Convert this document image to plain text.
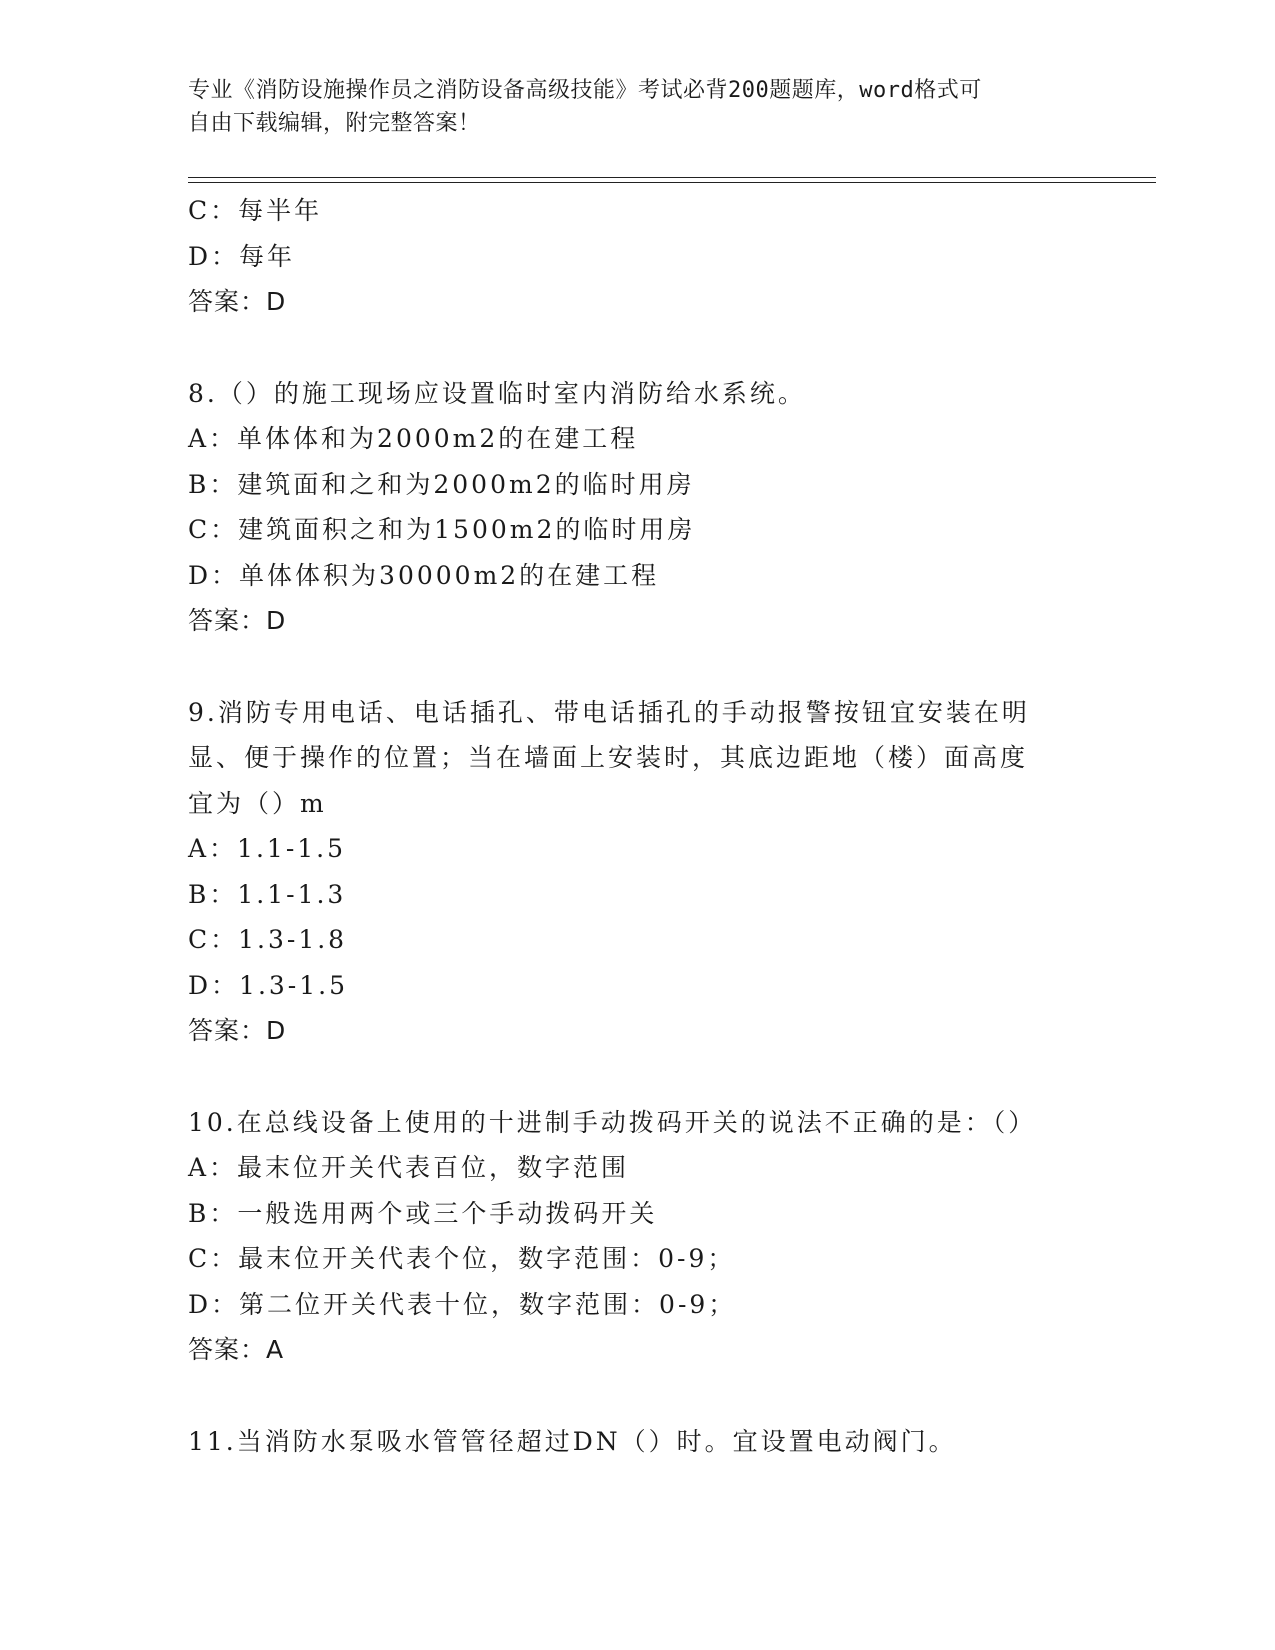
专业《消防设施操作员之消防设备高级技能》考试必背200题题库，word格式可
自由下载编辑，附完整答案！
C：每半年
D：每年
答案：D
8.（）的施工现场应设置临时室内消防给水系统。
A：单体体和为2000m2的在建工程
B：建筑面和之和为2000m2的临时用房
C：建筑面积之和为1500m2的临时用房
D：单体体积为30000m2的在建工程
答案：D
9.消防专用电话、电话插孔、带电话插孔的手动报警按钮宜安装在明
显、便于操作的位置；当在墙面上安装时，其底边距地（楼）面高度
宜为（）m
A：1.1-1.5
B：1.1-1.3
C：1.3-1.8
D：1.3-1.5
答案：D
10.在总线设备上使用的十进制手动拨码开关的说法不正确的是：（）
A：最末位开关代表百位，数字范围
B：一般选用两个或三个手动拨码开关
C：最末位开关代表个位，数字范围：0-9；
D：第二位开关代表十位，数字范围：0-9；
答案：A
11.当消防水泵吸水管管径超过DN（）时。宜设置电动阀门。
